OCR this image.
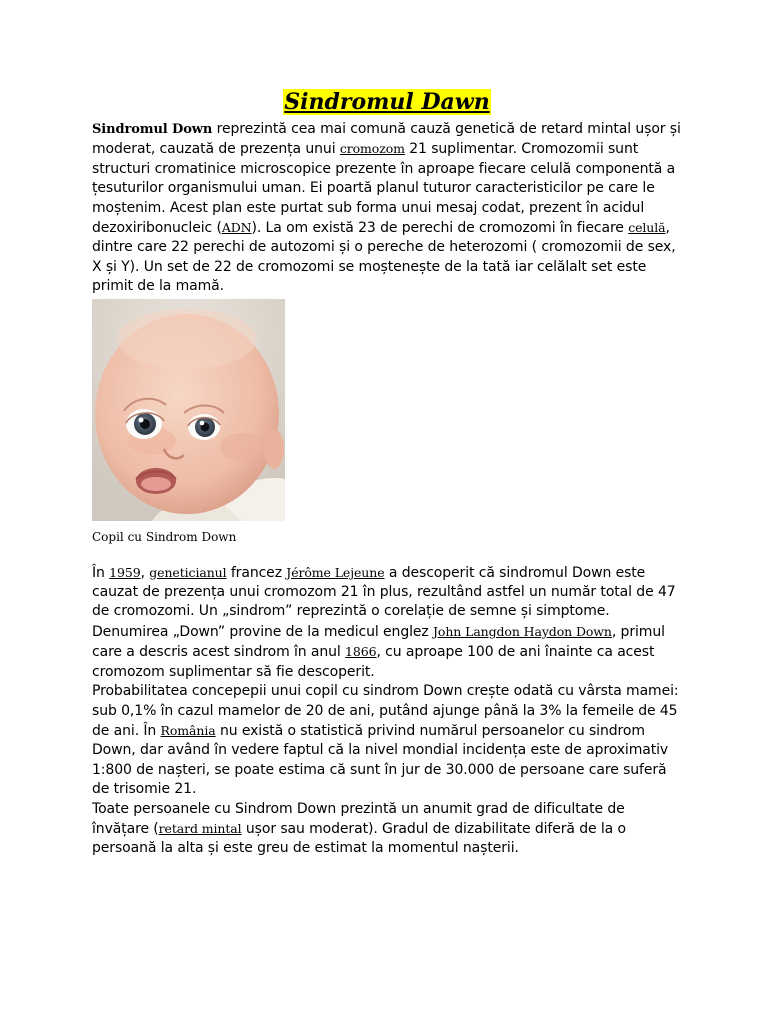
Sindromul Dawn

Sindromul Down reprezintă cea mai comună cauză genetică de retard mintal ușor și moderat, cauzată de prezența unui cromozom 21 suplimentar. Cromozomii sunt structuri cromatinice microscopice prezente în aproape fiecare celulă componentă a țesuturilor organismului uman. Ei poartă planul tuturor caracteristicilor pe care le moștenim. Acest plan este purtat sub forma unui mesaj codat, prezent în acidul dezoxiribonucleic (ADN). La om există 23 de perechi de cromozomi în fiecare celulă, dintre care 22 perechi de autozomi și o pereche de heterozomi ( cromozomii de sex, X și Y). Un set de 22 de cromozomi se moștenește de la tată iar celălalt set este primit de la mamă.

Copil cu Sindrom Down

În 1959, geneticianul francez Jérôme Lejeune a descoperit că sindromul Down este cauzat de prezența unui cromozom 21 în plus, rezultând astfel un număr total de 47 de cromozomi. Un „sindrom” reprezintă o corelație de semne și simptome. Denumirea „Down” provine de la medicul englez John Langdon Haydon Down, primul care a descris acest sindrom în anul 1866, cu aproape 100 de ani înainte ca acest cromozom suplimentar să fie descoperit.

Probabilitatea concepерii unui copil cu sindrom Down crește odată cu vârsta mamei: sub 0,1% în cazul mamelor de 20 de ani, putând ajunge până la 3% la femeile de 45 de ani. În România nu există o statistică privind numărul persoanelor cu sindrom Down, dar având în vedere faptul că la nivel mondial incidența este de aproximativ 1:800 de nașteri, se poate estima că sunt în jur de 30.000 de persoane care suferă de trisomie 21.

Toate persoanele cu Sindrom Down prezintă un anumit grad de dificultate de învățare (retard mintal ușor sau moderat). Gradul de dizabilitate diferă de la o persoană la alta și este greu de estimat la momentul nașterii.
